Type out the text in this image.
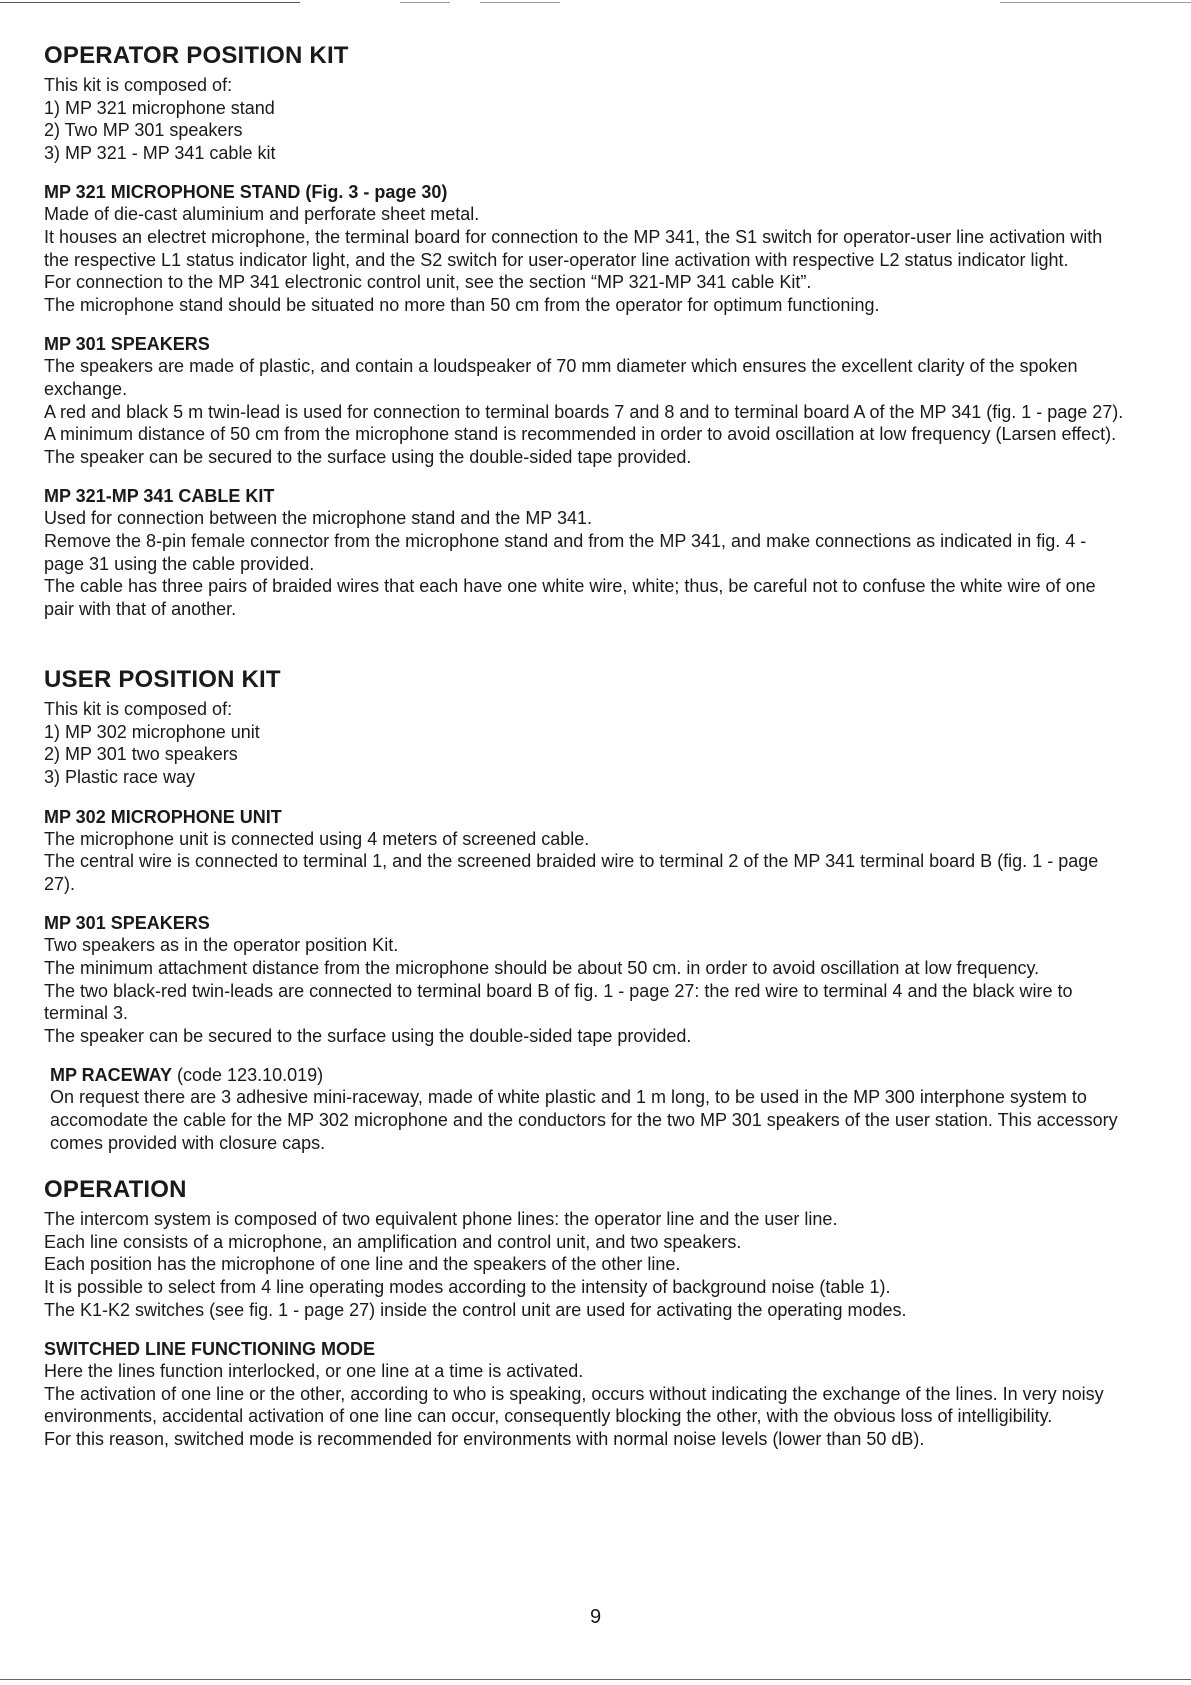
OPERATOR POSITION KIT

This kit is composed of:

1) MP 321 microphone stand
2) Two MP 301 speakers
3) MP 321 - MP 341 cable kit
MP 321 MICROPHONE STAND (Fig. 3 - page 30)

Made of die-cast aluminium and perforate sheet metal.

It houses an electret microphone, the terminal board for connection to the MP 341, the S1 switch for operator-user line activation with the respective L1 status indicator light, and the S2 switch for user-operator line activation with respective L2 status indicator light.

For connection to the MP 341 electronic control unit, see the section “MP 321-MP 341 cable Kit”.

The microphone stand should be situated no more than 50 cm from the operator for optimum functioning.

MP 301 SPEAKERS

The speakers are made of plastic, and contain a loudspeaker of 70 mm diameter which ensures the excellent clarity of the spoken exchange.

A red and black 5 m twin-lead is used for connection to terminal boards 7 and 8 and to terminal board A of the MP 341 (fig. 1 - page 27). A minimum distance of 50 cm from the microphone stand is recommended in order to avoid oscillation at low frequency (Larsen effect). The speaker can be secured to the surface using the double-sided tape provided.

MP 321-MP 341 CABLE KIT

Used for connection between the microphone stand and the MP 341.

Remove the 8-pin female connector from the microphone stand and from the MP 341, and make connections as indicated in fig. 4 - page 31 using the cable provided.

The cable has three pairs of braided wires that each have one white wire, white; thus, be careful not to confuse the white wire of one pair with that of another.

USER POSITION KIT

This kit is composed of:

1) MP 302 microphone unit
2) MP 301 two speakers
3) Plastic race way
MP 302 MICROPHONE UNIT

The microphone unit is connected using 4 meters of screened cable.

The central wire is connected to terminal 1, and the screened braided wire to terminal 2 of the MP 341 terminal board B (fig. 1 - page 27).

MP 301 SPEAKERS

Two speakers as in the operator position Kit.

The minimum attachment distance from the microphone should be about 50 cm. in order to avoid oscillation at low frequency.

The two black-red twin-leads are connected to terminal board B of fig. 1 - page 27: the red wire to terminal 4 and the black wire to terminal 3.

The speaker can be secured to the surface using the double-sided tape provided.

MP RACEWAY (code 123.10.019)

On request there are 3 adhesive mini-raceway, made of white plastic and 1 m long, to be used in the MP 300 interphone system to accomodate the cable for the MP 302 microphone and the conductors for the two MP 301 speakers of the user station. This accessory comes provided with closure caps.

OPERATION

The intercom system is composed of two equivalent phone lines: the operator line and the user line.

Each line consists of a microphone, an amplification and control unit, and two speakers.

Each position has the microphone of one line and the speakers of the other line.

It is possible to select from 4 line operating modes according to the intensity of background noise (table 1).

The K1-K2 switches (see fig. 1 - page 27) inside the control unit are used for activating the operating modes.

SWITCHED LINE FUNCTIONING MODE

Here the lines function interlocked, or one line at a time is activated.

The activation of one line or the other, according to who is speaking, occurs without indicating the exchange of the lines. In very noisy environments, accidental activation of one line can occur, consequently blocking the other, with the obvious loss of intelligibility.

For this reason, switched mode is recommended for environments with normal noise levels (lower than 50 dB).

9
